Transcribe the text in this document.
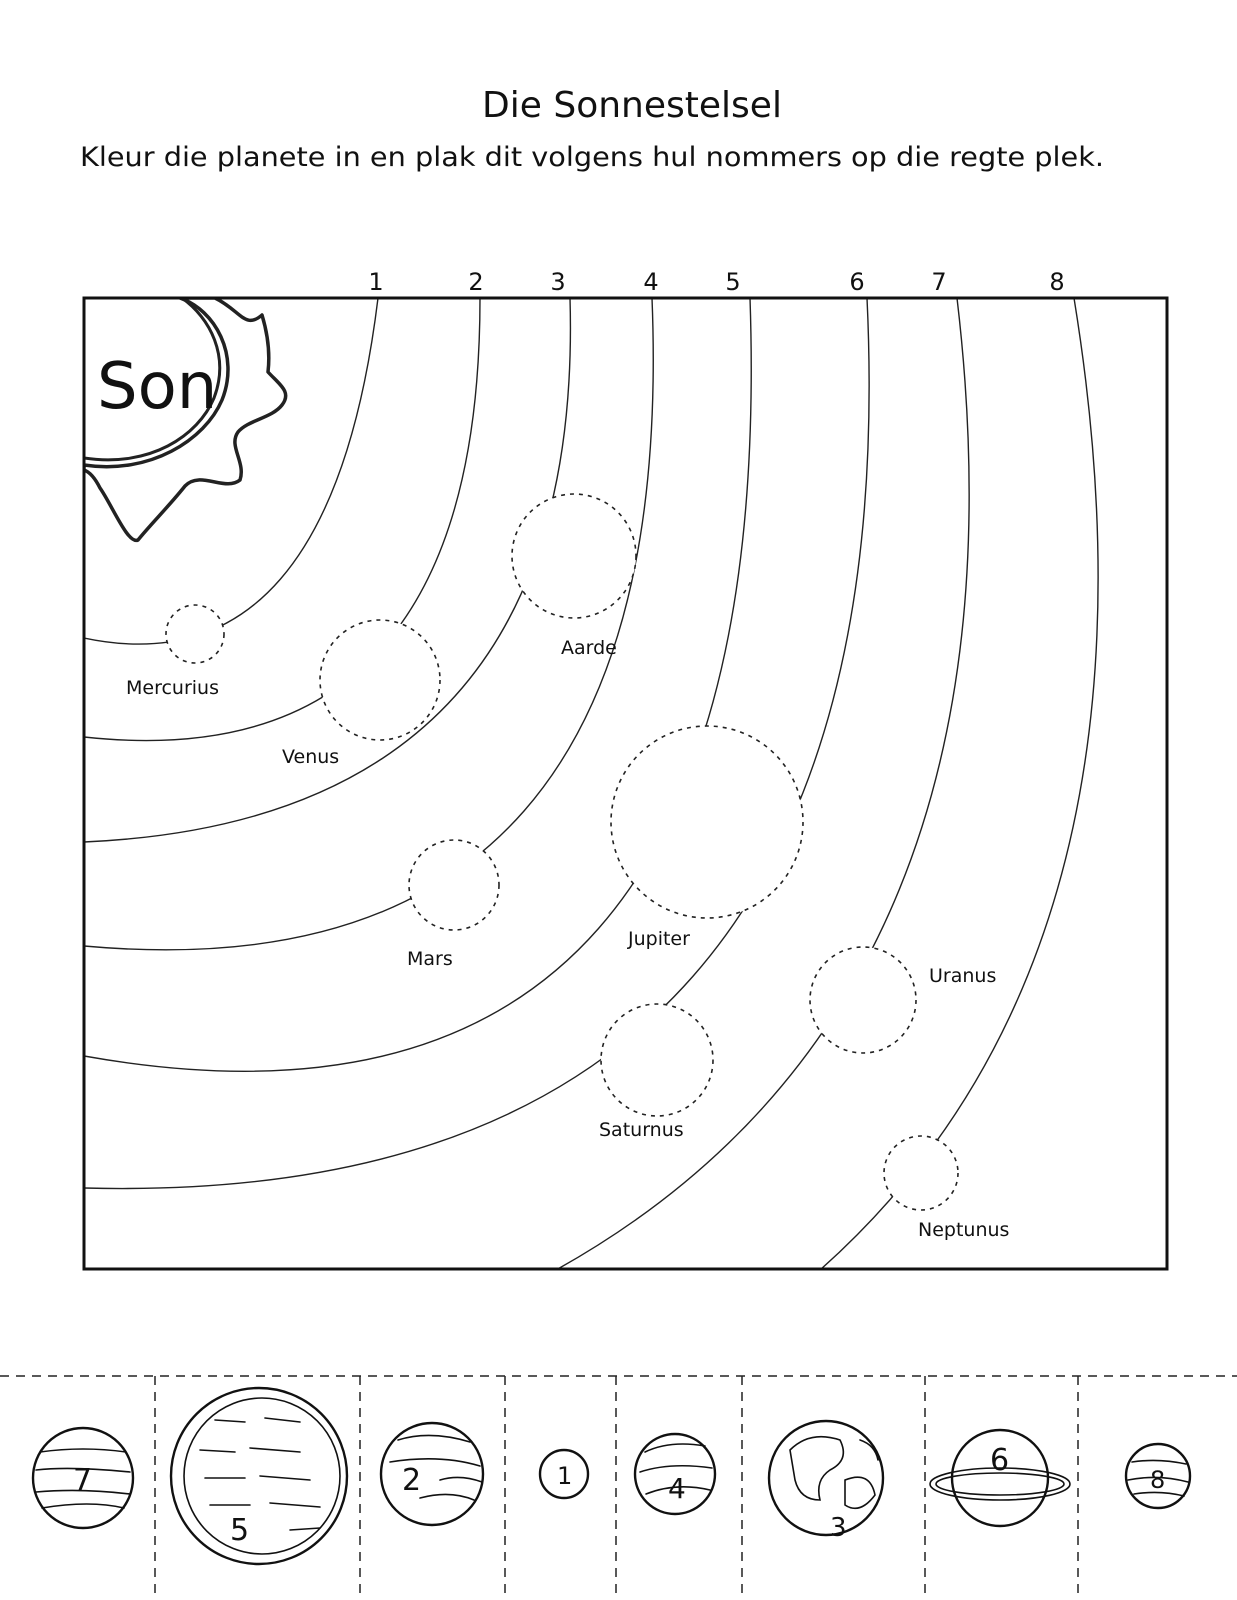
Die Sonnestelsel
Kleur die planete in en plak dit volgens hul nommers op die regte plek.
1	2	3	4	5	6	7	8
Son
Mercurius
Venus
Aarde
Mars
Jupiter
Saturnus
Uranus
Neptunus
7
5
2	1	4
3
6
8
